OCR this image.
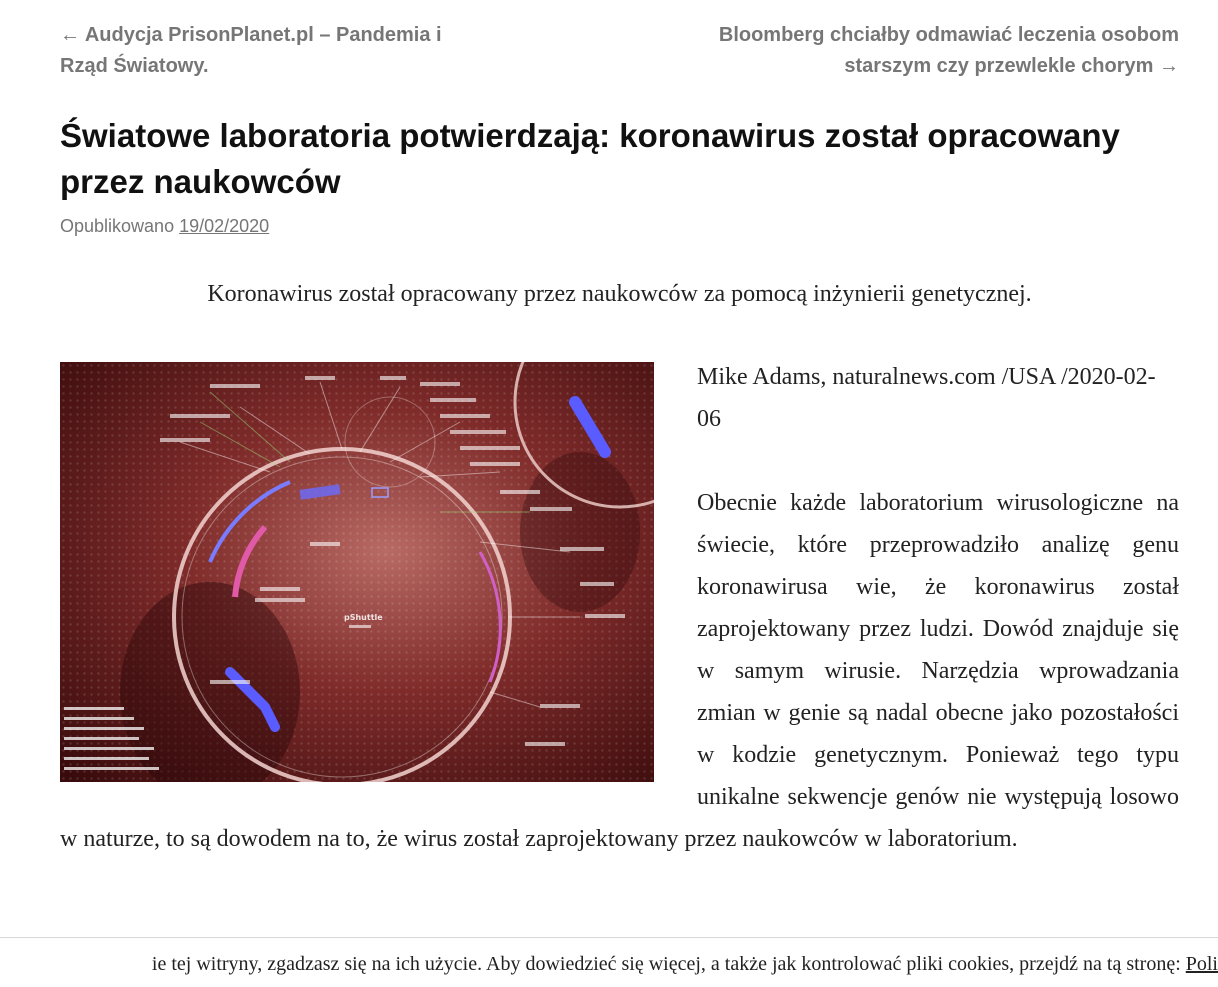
← Audycja PrisonPlanet.pl – Pandemia i Rząd Światowy.
Bloomberg chciałby odmawiać leczenia osobom starszym czy przewlekle chorym →
Światowe laboratoria potwierdzają: koronawirus został opracowany przez naukowców
Opublikowano 19/02/2020

Koronawirus został opracowany przez naukowców za pomocą inżynierii genetycznej.

pShuttle

Mike Adams, naturalnews.com /USA /2020-02-06

Obecnie każde laboratorium wirusologiczne na świecie, które przeprowadziło analizę genu koronawirusa wie, że koronawirus został zaprojektowany przez ludzi. Dowód znajduje się w samym wirusie. Narzędzia wprowadzania zmian w genie są nadal obecne jako pozostałości w kodzie genetycznym. Ponieważ tego typu unikalne sekwencje genów nie występują losowo w naturze, to są dowodem na to, że wirus został zaprojektowany przez naukowców w laboratorium.

ie tej witryny, zgadzasz się na ich użycie. Aby dowiedzieć się więcej, a także jak kontrolować pliki cookies, przejdź na tą stronę: Poli
